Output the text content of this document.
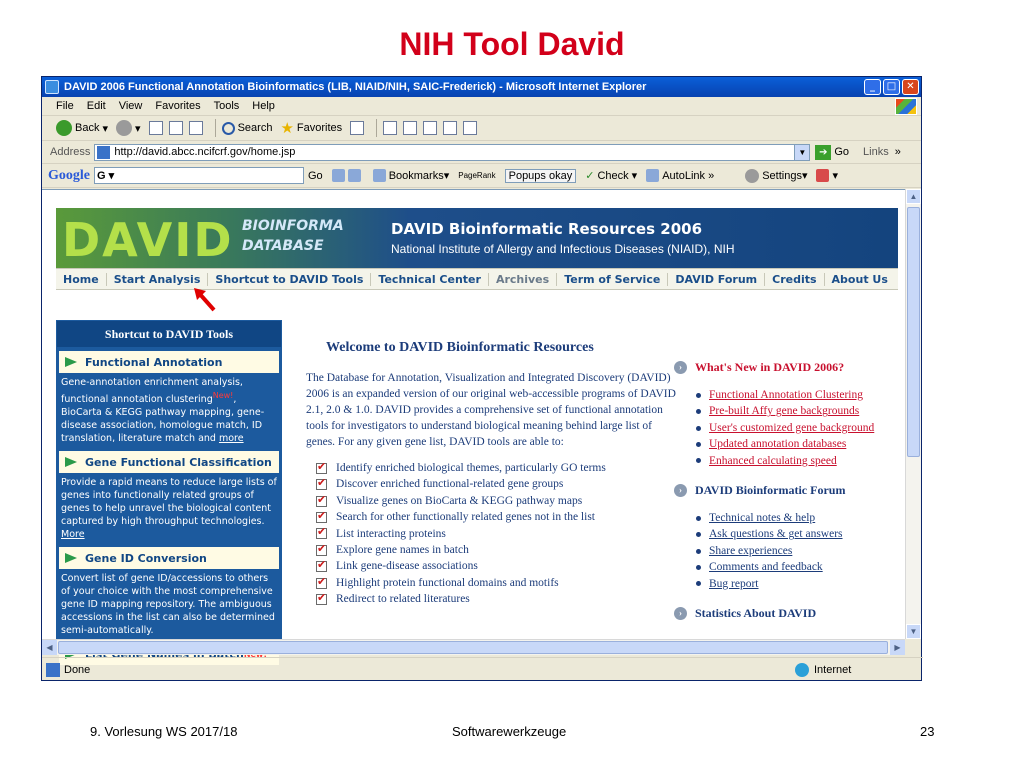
NIH Tool David
DAVID 2006 Functional Annotation Bioinformatics (LIB, NIAID/NIH, SAIC-Frederick) - Microsoft Internet Explorer	_	□	✕
File Edit View Favorites Tools Help
Back ▾	▾	Search ★ Favorites
Address http://david.abcc.ncifcrf.gov/home.jsp	▼	➔ Go Links »
Google G ▾	Go	Bookmarks ▾ PageRank Popups okay ✓ Check ▾ AutoLink »	Settings ▾	▾
DAVID BIOINFORMA
DATABASE
DAVID Bioinformatic Resources 2006
National Institute of Allergy and Infectious Diseases (NIAID), NIH
Home	Start Analysis	Shortcut to DAVID Tools	Technical Center	Archives	Term of Service	DAVID Forum	Credits	About Us
Shortcut to DAVID Tools
Functional Annotation
Gene-annotation enrichment analysis, functional annotation clustering$^{New!}$, BioCarta & KEGG pathway mapping, gene-disease association, homologue match, ID translation, literature match and more
Gene Functional Classification
Provide a rapid means to reduce large lists of genes into functionally related groups of genes to help unravel the biological content captured by high throughput technologies. More
Gene ID Conversion
Convert list of gene ID/accessions to others of your choice with the most comprehensive gene ID mapping repository. The ambiguous accessions in the list can also be determined semi-automatically.
Welcome to DAVID Bioinformatic Resources

The Database for Annotation, Visualization and Integrated Discovery (DAVID) 2006 is an expanded version of our original web-accessible programs of DAVID 2.1, 2.0 & 1.0. DAVID provides a comprehensive set of functional annotation tools for investigators to understand biological meaning behind large list of genes. For any given gene list, DAVID tools are able to:

✔
Identify enriched biological themes, particularly GO terms
✔
Discover enriched functional-related gene groups
✔
Visualize genes on BioCarta & KEGG pathway maps
✔
Search for other functionally related genes not in the list
✔
List interacting proteins
✔
Explore gene names in batch
✔
Link gene-disease associations
✔
Highlight protein functional domains and motifs
✔
Redirect to related literatures
›	What's New in DAVID 2006?
Functional Annotation Clustering
Pre-built Affy gene backgrounds
User's customized gene background
Updated annotation databases
Enhanced calculating speed
›	DAVID Bioinformatic Forum
Technical notes & help
Ask questions & get answers
Share experiences
Comments and feedback
Bug report
›	Statistics About DAVID
▲
▼
◀	▶
Done	Internet
9. Vorlesung WS 2017/18	Softwarewerkzeuge	23
